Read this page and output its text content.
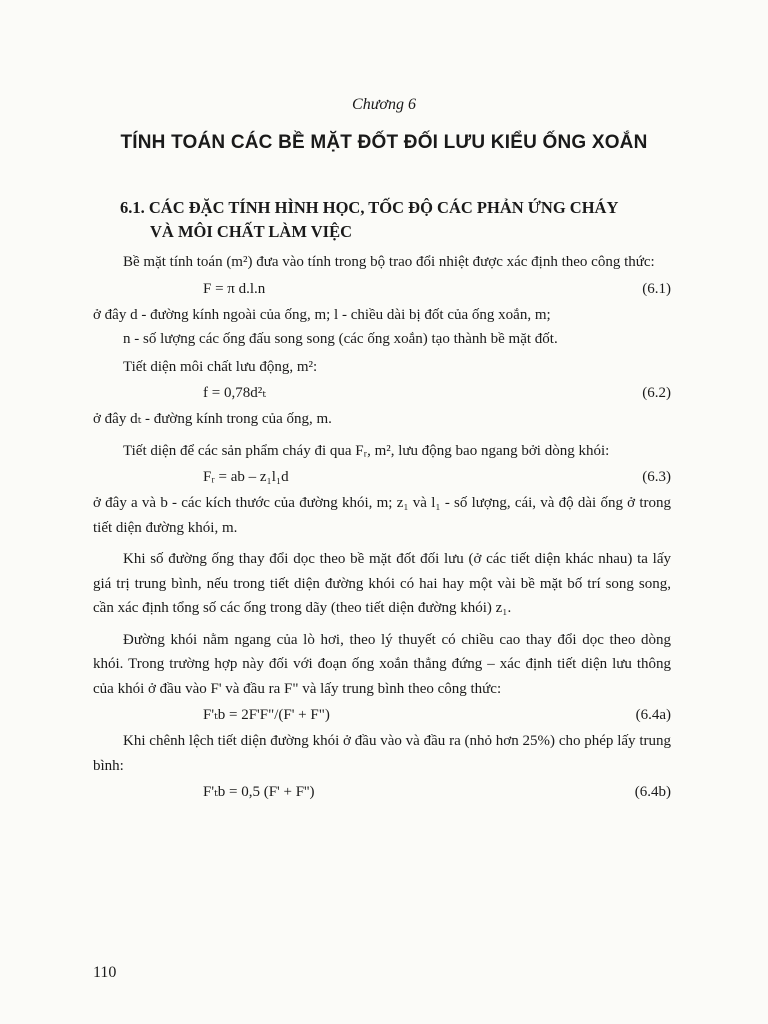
Chương 6
TÍNH TOÁN CÁC BỀ MẶT ĐỐT ĐỐI LƯU KIỂU ỐNG XOẮN
6.1. CÁC ĐẶC TÍNH HÌNH HỌC, TỐC ĐỘ CÁC PHẢN ỨNG CHÁY
VÀ MÔI CHẤT LÀM VIỆC

Bề mặt tính toán (m²) đưa vào tính trong bộ trao đổi nhiệt được xác định theo công thức:

F = π d.l.n	(6.1)

ở đây d - đường kính ngoài của ống, m; l - chiều dài bị đốt của ống xoắn, m;

n - số lượng các ống đấu song song (các ống xoắn) tạo thành bề mặt đốt.

Tiết diện môi chất lưu động, m²:

f = 0,78d²ₜ	(6.2)

ở đây dₜ - đường kính trong của ống, m.

Tiết diện để các sản phẩm cháy đi qua Fᵣ, m², lưu động bao ngang bởi dòng khói:

Fᵣ = ab – z₁l₁d	(6.3)

ở đây a và b - các kích thước của đường khói, m; z₁ và l₁ - số lượng, cái, và độ dài ống ở trong tiết diện đường khói, m.

Khi số đường ống thay đổi dọc theo bề mặt đốt đối lưu (ở các tiết diện khác nhau) ta lấy giá trị trung bình, nếu trong tiết diện đường khói có hai hay một vài bề mặt bố trí song song, cần xác định tổng số các ống trong dãy (theo tiết diện đường khói) z₁.

Đường khói nằm ngang của lò hơi, theo lý thuyết có chiều cao thay đổi dọc theo dòng khói. Trong trường hợp này đối với đoạn ống xoắn thẳng đứng – xác định tiết diện lưu thông của khói ở đầu vào F' và đầu ra F" và lấy trung bình theo công thức:

F'ₜb = 2F'F"/(F' + F")	(6.4a)

Khi chênh lệch tiết diện đường khói ở đầu vào và đầu ra (nhỏ hơn 25%) cho phép lấy trung bình:

F'ₜb = 0,5 (F' + F'')	(6.4b)
110
